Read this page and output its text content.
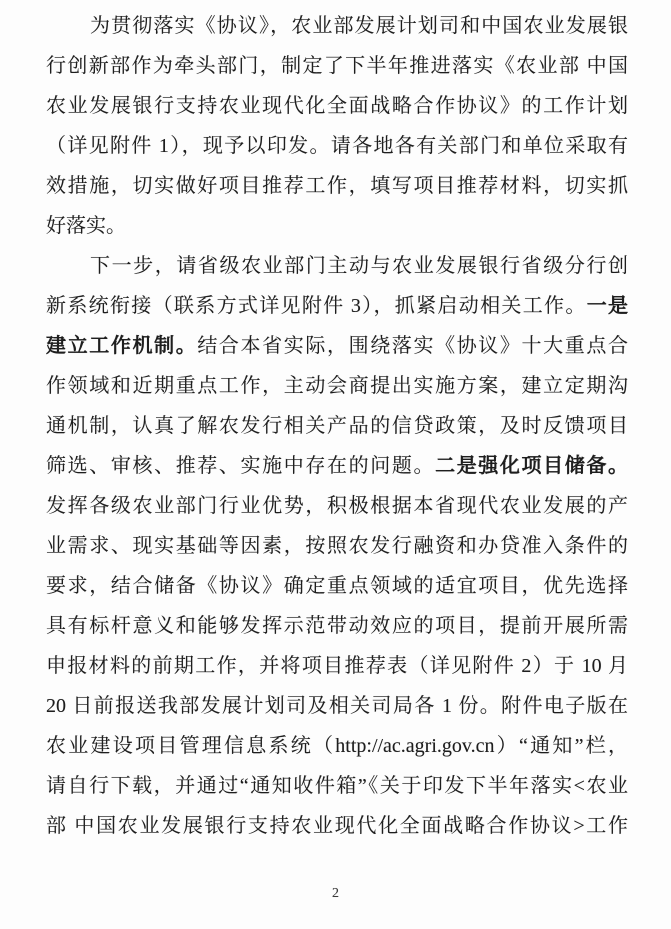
为贯彻落实《协议》，农业部发展计划司和中国农业发展银
行创新部作为牵头部门，制定了下半年推进落实《农业部 中国
农业发展银行支持农业现代化全面战略合作协议》的工作计划
（详见附件 1），现予以印发。请各地各有关部门和单位采取有
效措施，切实做好项目推荐工作，填写项目推荐材料，切实抓
好落实。
下一步，请省级农业部门主动与农业发展银行省级分行创
新系统衔接（联系方式详见附件 3），抓紧启动相关工作。一是
建立工作机制。结合本省实际，围绕落实《协议》十大重点合
作领域和近期重点工作，主动会商提出实施方案，建立定期沟
通机制，认真了解农发行相关产品的信贷政策，及时反馈项目
筛选、审核、推荐、实施中存在的问题。二是强化项目储备。
发挥各级农业部门行业优势，积极根据本省现代农业发展的产
业需求、现实基础等因素，按照农发行融资和办贷准入条件的
要求，结合储备《协议》确定重点领域的适宜项目，优先选择
具有标杆意义和能够发挥示范带动效应的项目，提前开展所需
申报材料的前期工作，并将项目推荐表（详见附件 2）于 10 月
20 日前报送我部发展计划司及相关司局各 1 份。附件电子版在
农业建设项目管理信息系统（http://ac.agri.gov.cn）“通知”栏，
请自行下载，并通过“通知收件箱”《关于印发下半年落实<农业
部 中国农业发展银行支持农业现代化全面战略合作协议>工作
2
